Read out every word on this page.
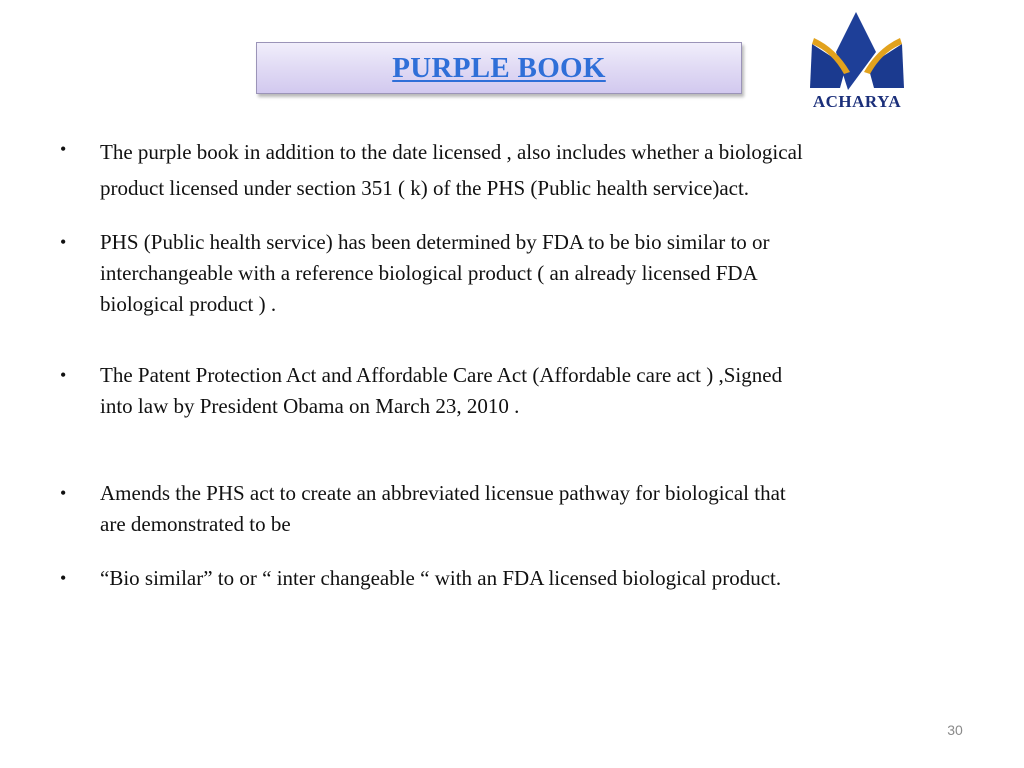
PURPLE BOOK
ACHARYA
•	The purple book in addition to the date licensed , also includes whether a biological
product licensed under section 351 ( k) of the PHS (Public health service)act.
•	PHS (Public health service) has been determined by FDA to be bio similar to or
interchangeable with a reference biological product ( an already licensed FDA
biological product ) .
•	The Patent Protection Act and Affordable Care Act (Affordable care act ) ,Signed
into law by President Obama on March 23, 2010 .
•	Amends the PHS act to create an abbreviated licensue pathway for biological that
are demonstrated to be
•	“Bio similar” to or “ inter changeable “ with an FDA licensed biological product.
30
